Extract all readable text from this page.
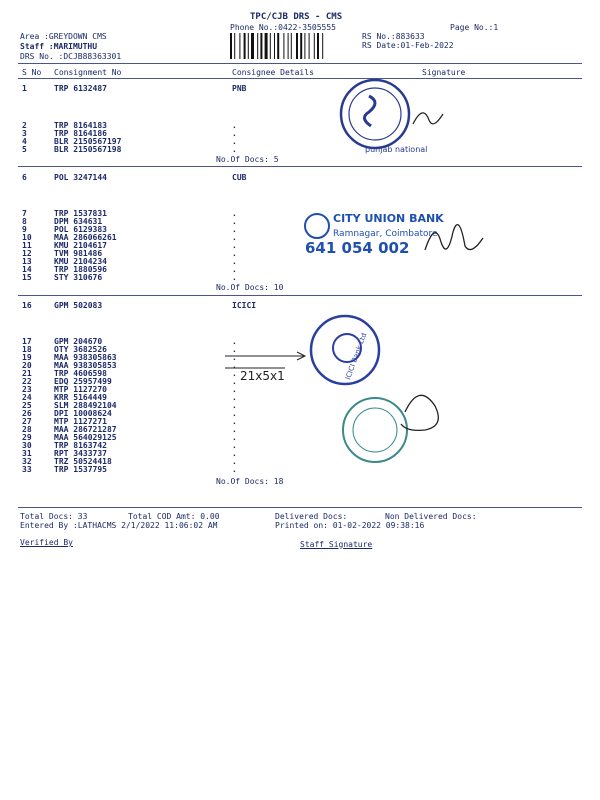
TPC/CJB DRS - CMS
Phone No.:0422-3505555	Page No.:1
Area :GREYDOWN CMS
Staff :MARIMUTHU
DRS No. :DCJB88363301
RS No.:883633
RS Date:01-Feb-2022
S No Consignment No	Consignee Details	Signature
1	TRP 6132487	PNB
2	TRP 8164183	.
3	TRP 8164186	.
4	BLR 2150567197	.
5	BLR 2150567198	.
No.Of Docs: 5
6	POL 3247144	CUB
7	TRP 1537831	.
8	DPM 634631	.
9	POL 6129383	.
10	MAA 286066261	.
11	KMU 2104617	.
12	TVM 981486	.
13	KMU 2104234	.
14	TRP 1880596	.
15	STY 310676	.
No.Of Docs: 10
16	GPM 502083	ICICI
17	GPM 204670	.
18	OTY 3682526	.
19	MAA 938305863	.
20	MAA 938305853	.
21	TRP 4606598	.
22	EDQ 25957499	.
23	MTP 1127270	.
24	KRR 5164449	.
25	SLM 288492104	.
26	DPI 10008624	.
27	MTP 1127271	.
28	MAA 286721287	.
29	MAA 564029125	.
30	TRP 8163742	.
31	RPT 3433737	.
32	TRZ 50524418	.
33	TRP 1537795	.
No.Of Docs: 18
Total Docs: 33	Total COD Amt: 0.00	Delivered Docs:	Non Delivered Docs:
Entered By :LATHACMS 2/1/2022 11:06:02 AM	Printed on: 01-02-2022 09:38:16
Verified By	Staff Signature
punjab national
CITY UNION BANK
Ramnagar, Coimbatore
641 054 002
ICICI Bank Ltd
21x5x1
